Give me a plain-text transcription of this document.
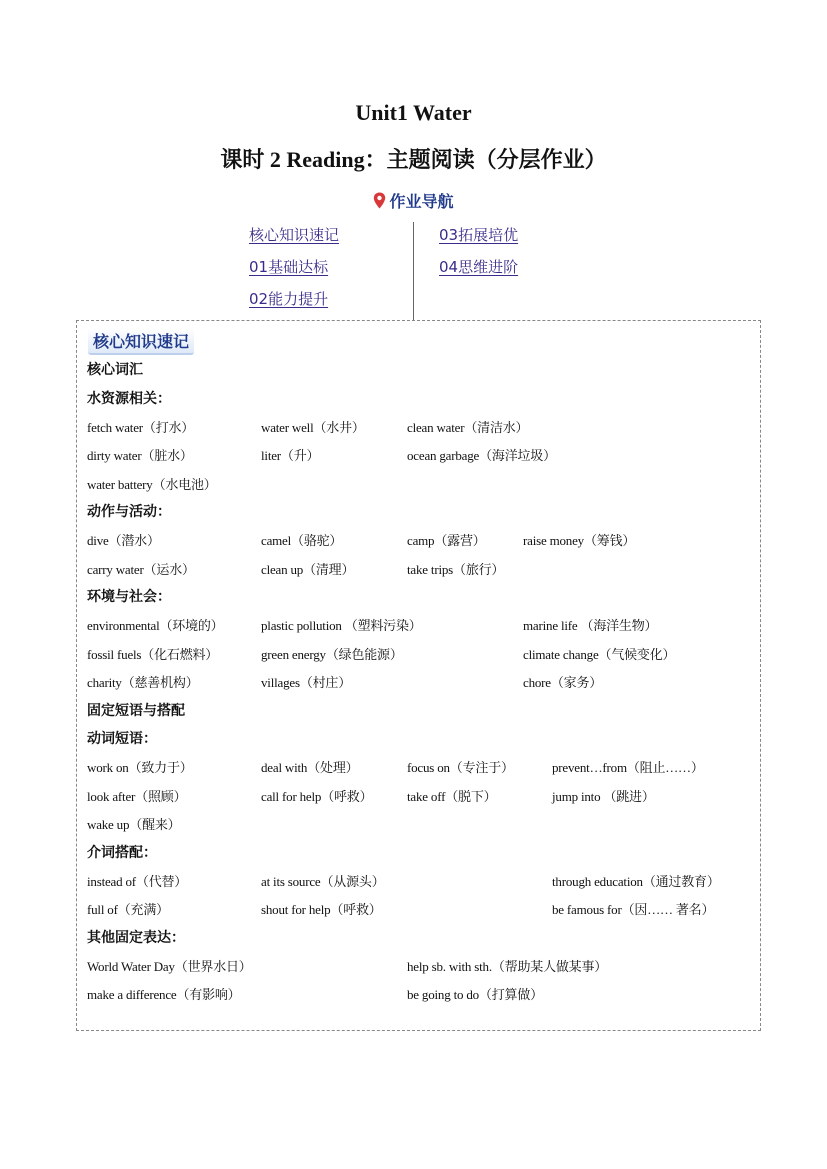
Unit1 Water
课时 2 Reading：主题阅读（分层作业）
作业导航
核心知识速记
01基础达标
02能力提升
03拓展培优
04思维进阶
核心知识速记
核心词汇
水资源相关：
fetch water（打水）	water well（水井）	clean water（清洁水）
dirty water（脏水）	liter（升）	ocean garbage（海洋垃圾）
water battery（水电池）
动作与活动：
dive（潜水）	camel（骆驼）	camp（露营）	raise money（筹钱）
carry water（运水）	clean up（清理）	take trips（旅行）
环境与社会：
environmental（环境的）	plastic pollution （塑料污染）	marine life （海洋生物）
fossil fuels（化石燃料）	green energy（绿色能源）	climate change（气候变化）
charity（慈善机构）	villages（村庄）	chore（家务）
固定短语与搭配
动词短语：
work on（致力于）	deal with（处理）	focus on（专注于）	prevent…from（阻止……）
look after（照顾）	call for help（呼救）	take off（脱下）	jump into （跳进）
wake up（醒来）
介词搭配：
instead of（代替）	at its source（从源头）	through education（通过教育）
full of（充满）	shout for help（呼救）	be famous for（因…… 著名）
其他固定表达：
World Water Day（世界水日）	help sb. with sth.（帮助某人做某事）
make a difference（有影响）	be going to do（打算做）
